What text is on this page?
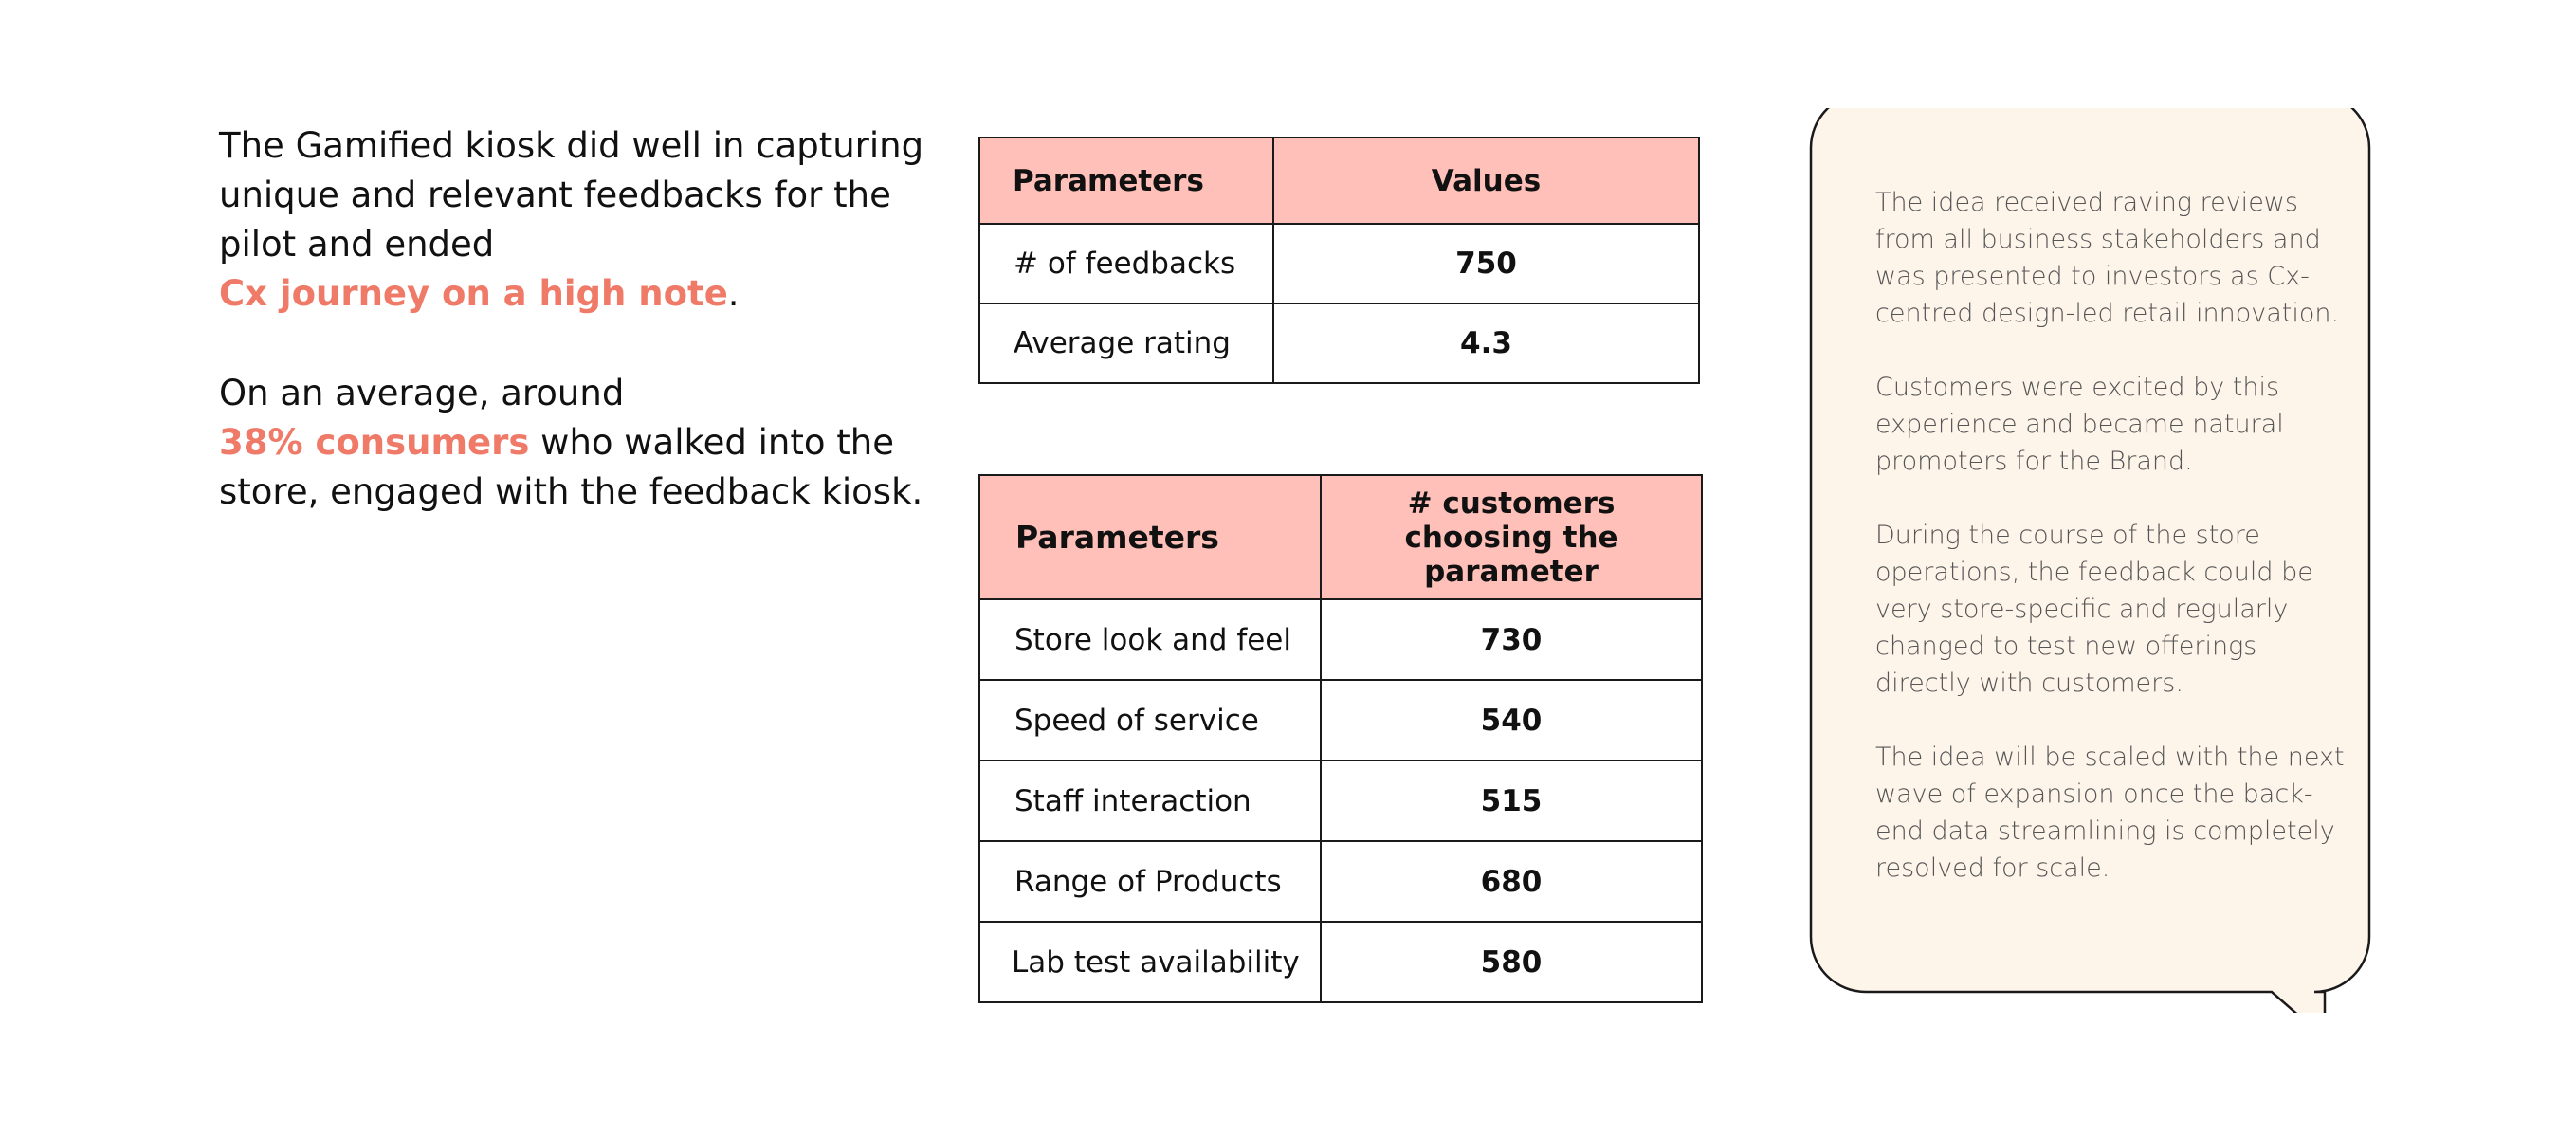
The Gamified kiosk did well in capturing unique and relevant feedbacks for the pilot and ended
Cx journey on a high note.

On an average, around
38% consumers who walked into the store, engaged with the feedback kiosk.

Parameters	Values
# of feedbacks	750
Average rating	4.3
Parameters	# customers choosing the parameter
Store look and feel	730
Speed of service	540
Staff interaction	515
Range of Products	680
Lab test availability	580

The idea received raving reviews from all business stakeholders and was presented to investors as Cx-centred design-led retail innovation.

Customers were excited by this experience and became natural promoters for the Brand.

During the course of the store operations, the feedback could be very store-specific and regularly changed to test new offerings directly with customers.

The idea will be scaled with the next wave of expansion once the back-end data streamlining is completely resolved for scale.
